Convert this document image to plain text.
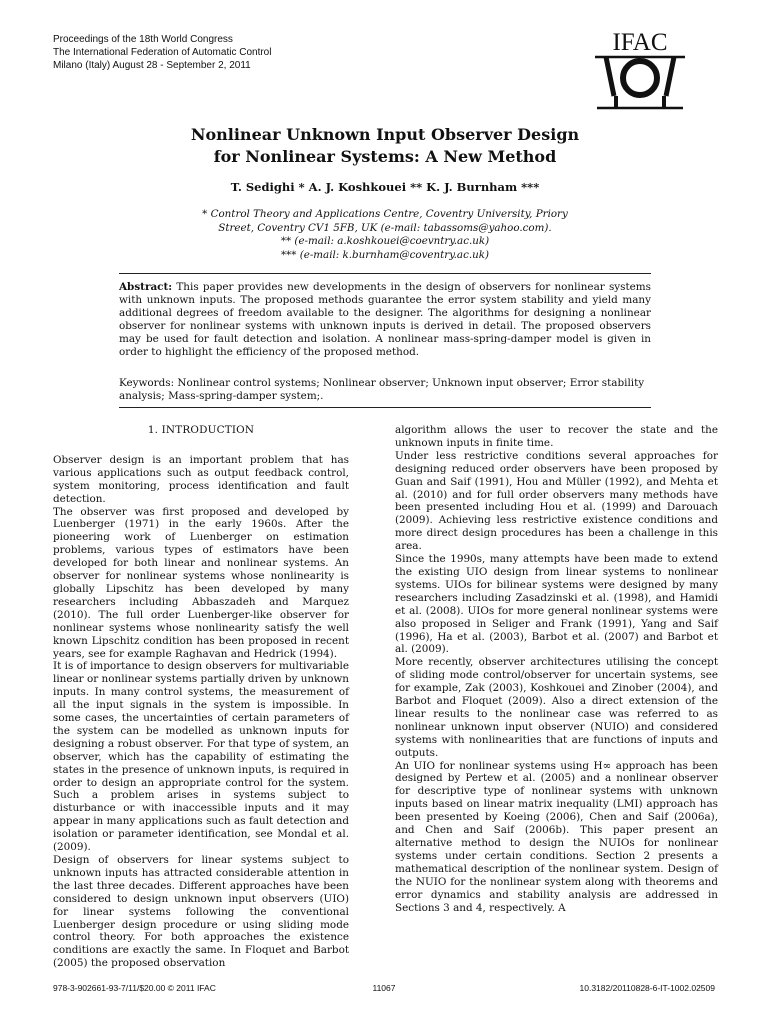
Proceedings of the 18th World Congress
The International Federation of Automatic Control
Milano (Italy) August 28 - September 2, 2011
IFAC
Nonlinear Unknown Input Observer Design
for Nonlinear Systems: A New Method
T. Sedighi * A. J. Koshkouei ** K. J. Burnham ***
* Control Theory and Applications Centre, Coventry University, Priory
Street, Coventry CV1 5FB, UK (e-mail: tabassoms@yahoo.com).
** (e-mail: a.koshkouei@coevntry.ac.uk)
*** (e-mail: k.burnham@coventry.ac.uk)
Abstract: This paper provides new developments in the design of observers for nonlinear systems with unknown inputs. The proposed methods guarantee the error system stability and yield many additional degrees of freedom available to the designer. The algorithms for designing a nonlinear observer for nonlinear systems with unknown inputs is derived in detail. The proposed observers may be used for fault detection and isolation. A nonlinear mass-spring-damper model is given in order to highlight the efficiency of the proposed method.
Keywords: Nonlinear control systems; Nonlinear observer; Unknown input observer; Error stability analysis; Mass-spring-damper system;.

1. INTRODUCTION

Observer design is an important problem that has various applications such as output feedback control, system monitoring, process identification and fault detection.

The observer was first proposed and developed by Luenberger (1971) in the early 1960s. After the pioneering work of Luenberger on estimation problems, various types of estimators have been developed for both linear and nonlinear systems. An observer for nonlinear systems whose nonlinearity is globally Lipschitz has been developed by many researchers including Abbaszadeh and Marquez (2010). The full order Luenberger-like observer for nonlinear systems whose nonlinearity satisfy the well known Lipschitz condition has been proposed in recent years, see for example Raghavan and Hedrick (1994).

It is of importance to design observers for multivariable linear or nonlinear systems partially driven by unknown inputs. In many control systems, the measurement of all the input signals in the system is impossible. In some cases, the uncertainties of certain parameters of the system can be modelled as unknown inputs for designing a robust observer. For that type of system, an observer, which has the capability of estimating the states in the presence of unknown inputs, is required in order to design an appropriate control for the system. Such a problem arises in systems subject to disturbance or with inaccessible inputs and it may appear in many applications such as fault detection and isolation or parameter identification, see Mondal et al. (2009).

Design of observers for linear systems subject to unknown inputs has attracted considerable attention in the last three decades. Different approaches have been considered to design unknown input observers (UIO) for linear systems following the conventional Luenberger design procedure or using sliding mode control theory. For both approaches the existence conditions are exactly the same. In Floquet and Barbot (2005) the proposed observation

algorithm allows the user to recover the state and the unknown inputs in finite time.

Under less restrictive conditions several approaches for designing reduced order observers have been proposed by Guan and Saif (1991), Hou and Müller (1992), and Mehta et al. (2010) and for full order observers many methods have been presented including Hou et al. (1999) and Darouach (2009). Achieving less restrictive existence conditions and more direct design procedures has been a challenge in this area.

Since the 1990s, many attempts have been made to extend the existing UIO design from linear systems to nonlinear systems. UIOs for bilinear systems were designed by many researchers including Zasadzinski et al. (1998), and Hamidi et al. (2008). UIOs for more general nonlinear systems were also proposed in Seliger and Frank (1991), Yang and Saif (1996), Ha et al. (2003), Barbot et al. (2007) and Barbot et al. (2009).

More recently, observer architectures utilising the concept of sliding mode control/observer for uncertain systems, see for example, Zak (2003), Koshkouei and Zinober (2004), and Barbot and Floquet (2009). Also a direct extension of the linear results to the nonlinear case was referred to as nonlinear unknown input observer (NUIO) and considered systems with nonlinearities that are functions of inputs and outputs.

An UIO for nonlinear systems using H∞ approach has been designed by Pertew et al. (2005) and a nonlinear observer for descriptive type of nonlinear systems with unknown inputs based on linear matrix inequality (LMI) approach has been presented by Koeing (2006), Chen and Saif (2006a), and Chen and Saif (2006b). This paper present an alternative method to design the NUIOs for nonlinear systems under certain conditions. Section 2 presents a mathematical description of the nonlinear system. Design of the NUIO for the nonlinear system along with theorems and error dynamics and stability analysis are addressed in Sections 3 and 4, respectively. A

978-3-902661-93-7/11/$20.00 © 2011 IFAC	11067	10.3182/20110828-6-IT-1002.02509
